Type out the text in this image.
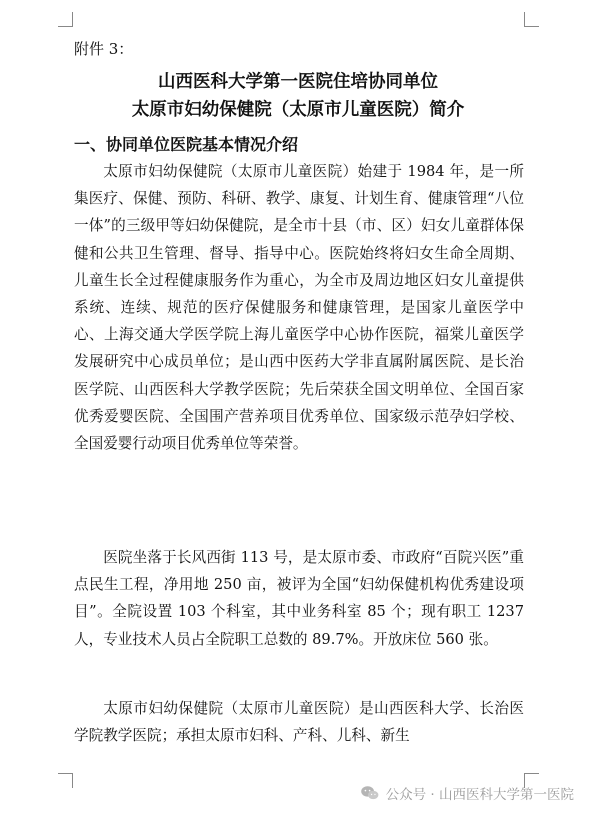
附件 3：
山西医科大学第一医院住培协同单位
太原市妇幼保健院（太原市儿童医院）简介
一、协同单位医院基本情况介绍

太原市妇幼保健院（太原市儿童医院）始建于 1984 年，是一所集医疗、保健、预防、科研、教学、康复、计划生育、健康管理“八位一体”的三级甲等妇幼保健院，是全市十县（市、区）妇女儿童群体保健和公共卫生管理、督导、指导中心。医院始终将妇女生命全周期、儿童生长全过程健康服务作为重心，为全市及周边地区妇女儿童提供系统、连续、规范的医疗保健服务和健康管理，是国家儿童医学中心、上海交通大学医学院上海儿童医学中心协作医院，福棠儿童医学发展研究中心成员单位；是山西中医药大学非直属附属医院、是长治医学院、山西医科大学教学医院；先后荣获全国文明单位、全国百家优秀爱婴医院、全国围产营养项目优秀单位、国家级示范孕妇学校、全国爱婴行动项目优秀单位等荣誉。

医院坐落于长风西街 113 号，是太原市委、市政府“百院兴医”重点民生工程，净用地 250 亩，被评为全国“妇幼保健机构优秀建设项目”。全院设置 103 个科室，其中业务科室 85 个；现有职工 1237 人，专业技术人员占全院职工总数的 89.7%。开放床位 560 张。

太原市妇幼保健院（太原市儿童医院）是山西医科大学、长治医学院教学医院；承担太原市妇科、产科、儿科、新生

公众号 · 山西医科大学第一医院
